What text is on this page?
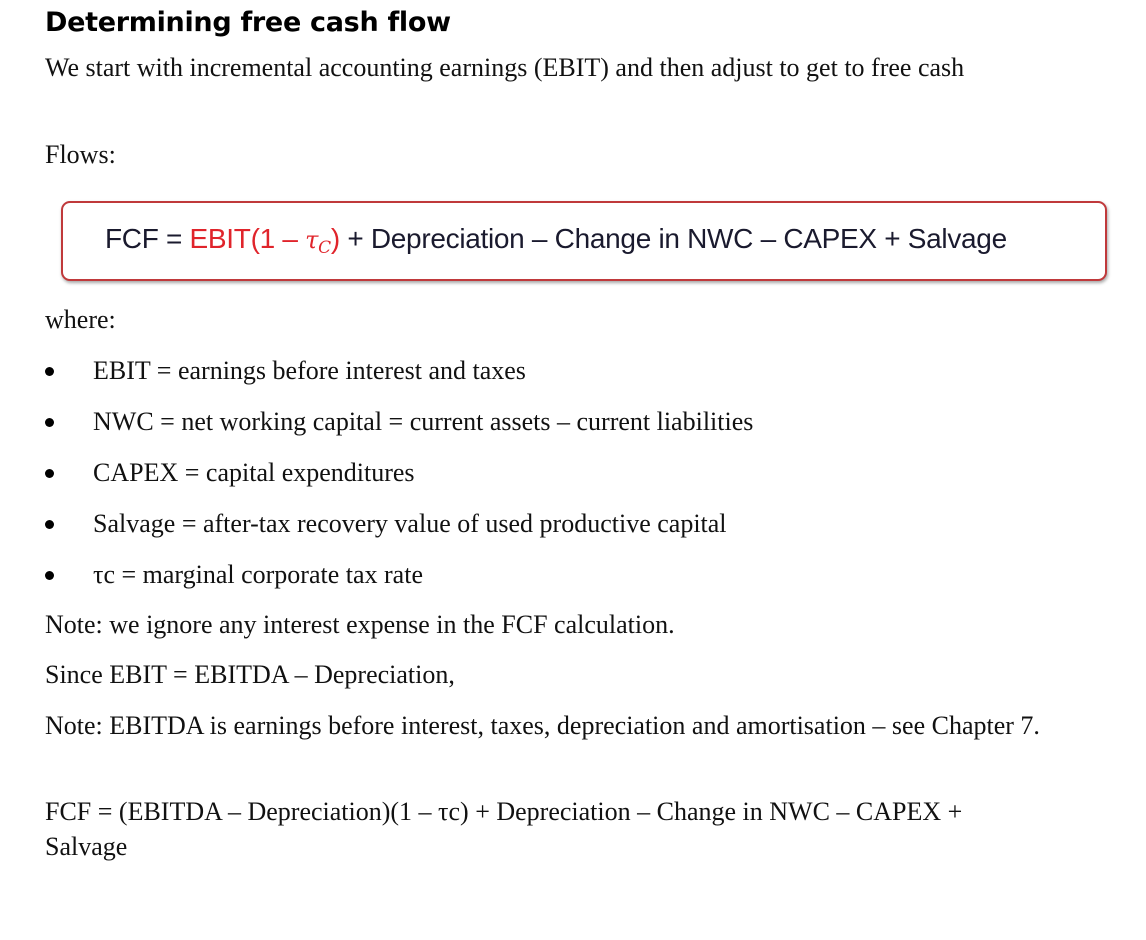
Determining free cash flow
We start with incremental accounting earnings (EBIT) and then adjust to get to free cash
Flows:
FCF = EBIT(1 – $\tau_C$) + Depreciation – Change in NWC – CAPEX + Salvage
where:
EBIT = earnings before interest and taxes
NWC = net working capital = current assets – current liabilities
CAPEX = capital expenditures
Salvage = after-tax recovery value of used productive capital
τc = marginal corporate tax rate
Note: we ignore any interest expense in the FCF calculation.
Since EBIT = EBITDA – Depreciation,
Note: EBITDA is earnings before interest, taxes, depreciation and amortisation – see Chapter 7.
FCF = (EBITDA – Depreciation)(1 – τc) + Depreciation – Change in NWC – CAPEX + Salvage
